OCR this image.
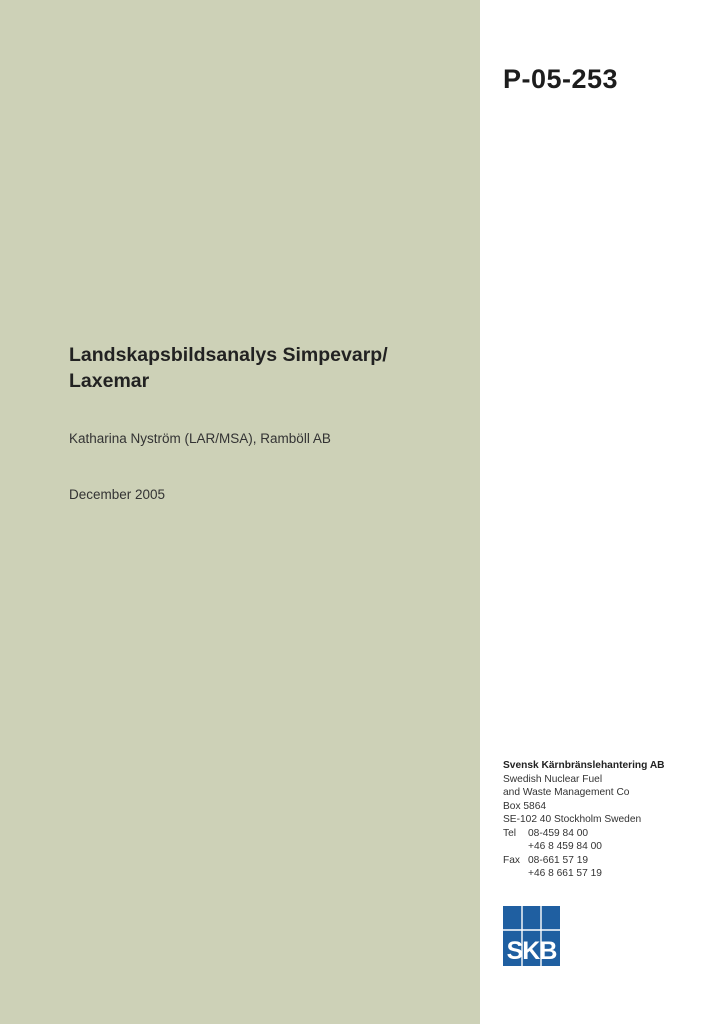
P-05-253
Landskapsbildsanalys Simpevarp/
Laxemar
Katharina Nyström (LAR/MSA), Ramböll AB
December 2005
Svensk Kärnbränslehantering AB
Swedish Nuclear Fuel
and Waste Management Co
Box 5864
SE-102 40 Stockholm Sweden
Tel 08-459 84 00
+46 8 459 84 00
Fax 08-661 57 19
+46 8 661 57 19
SKB
